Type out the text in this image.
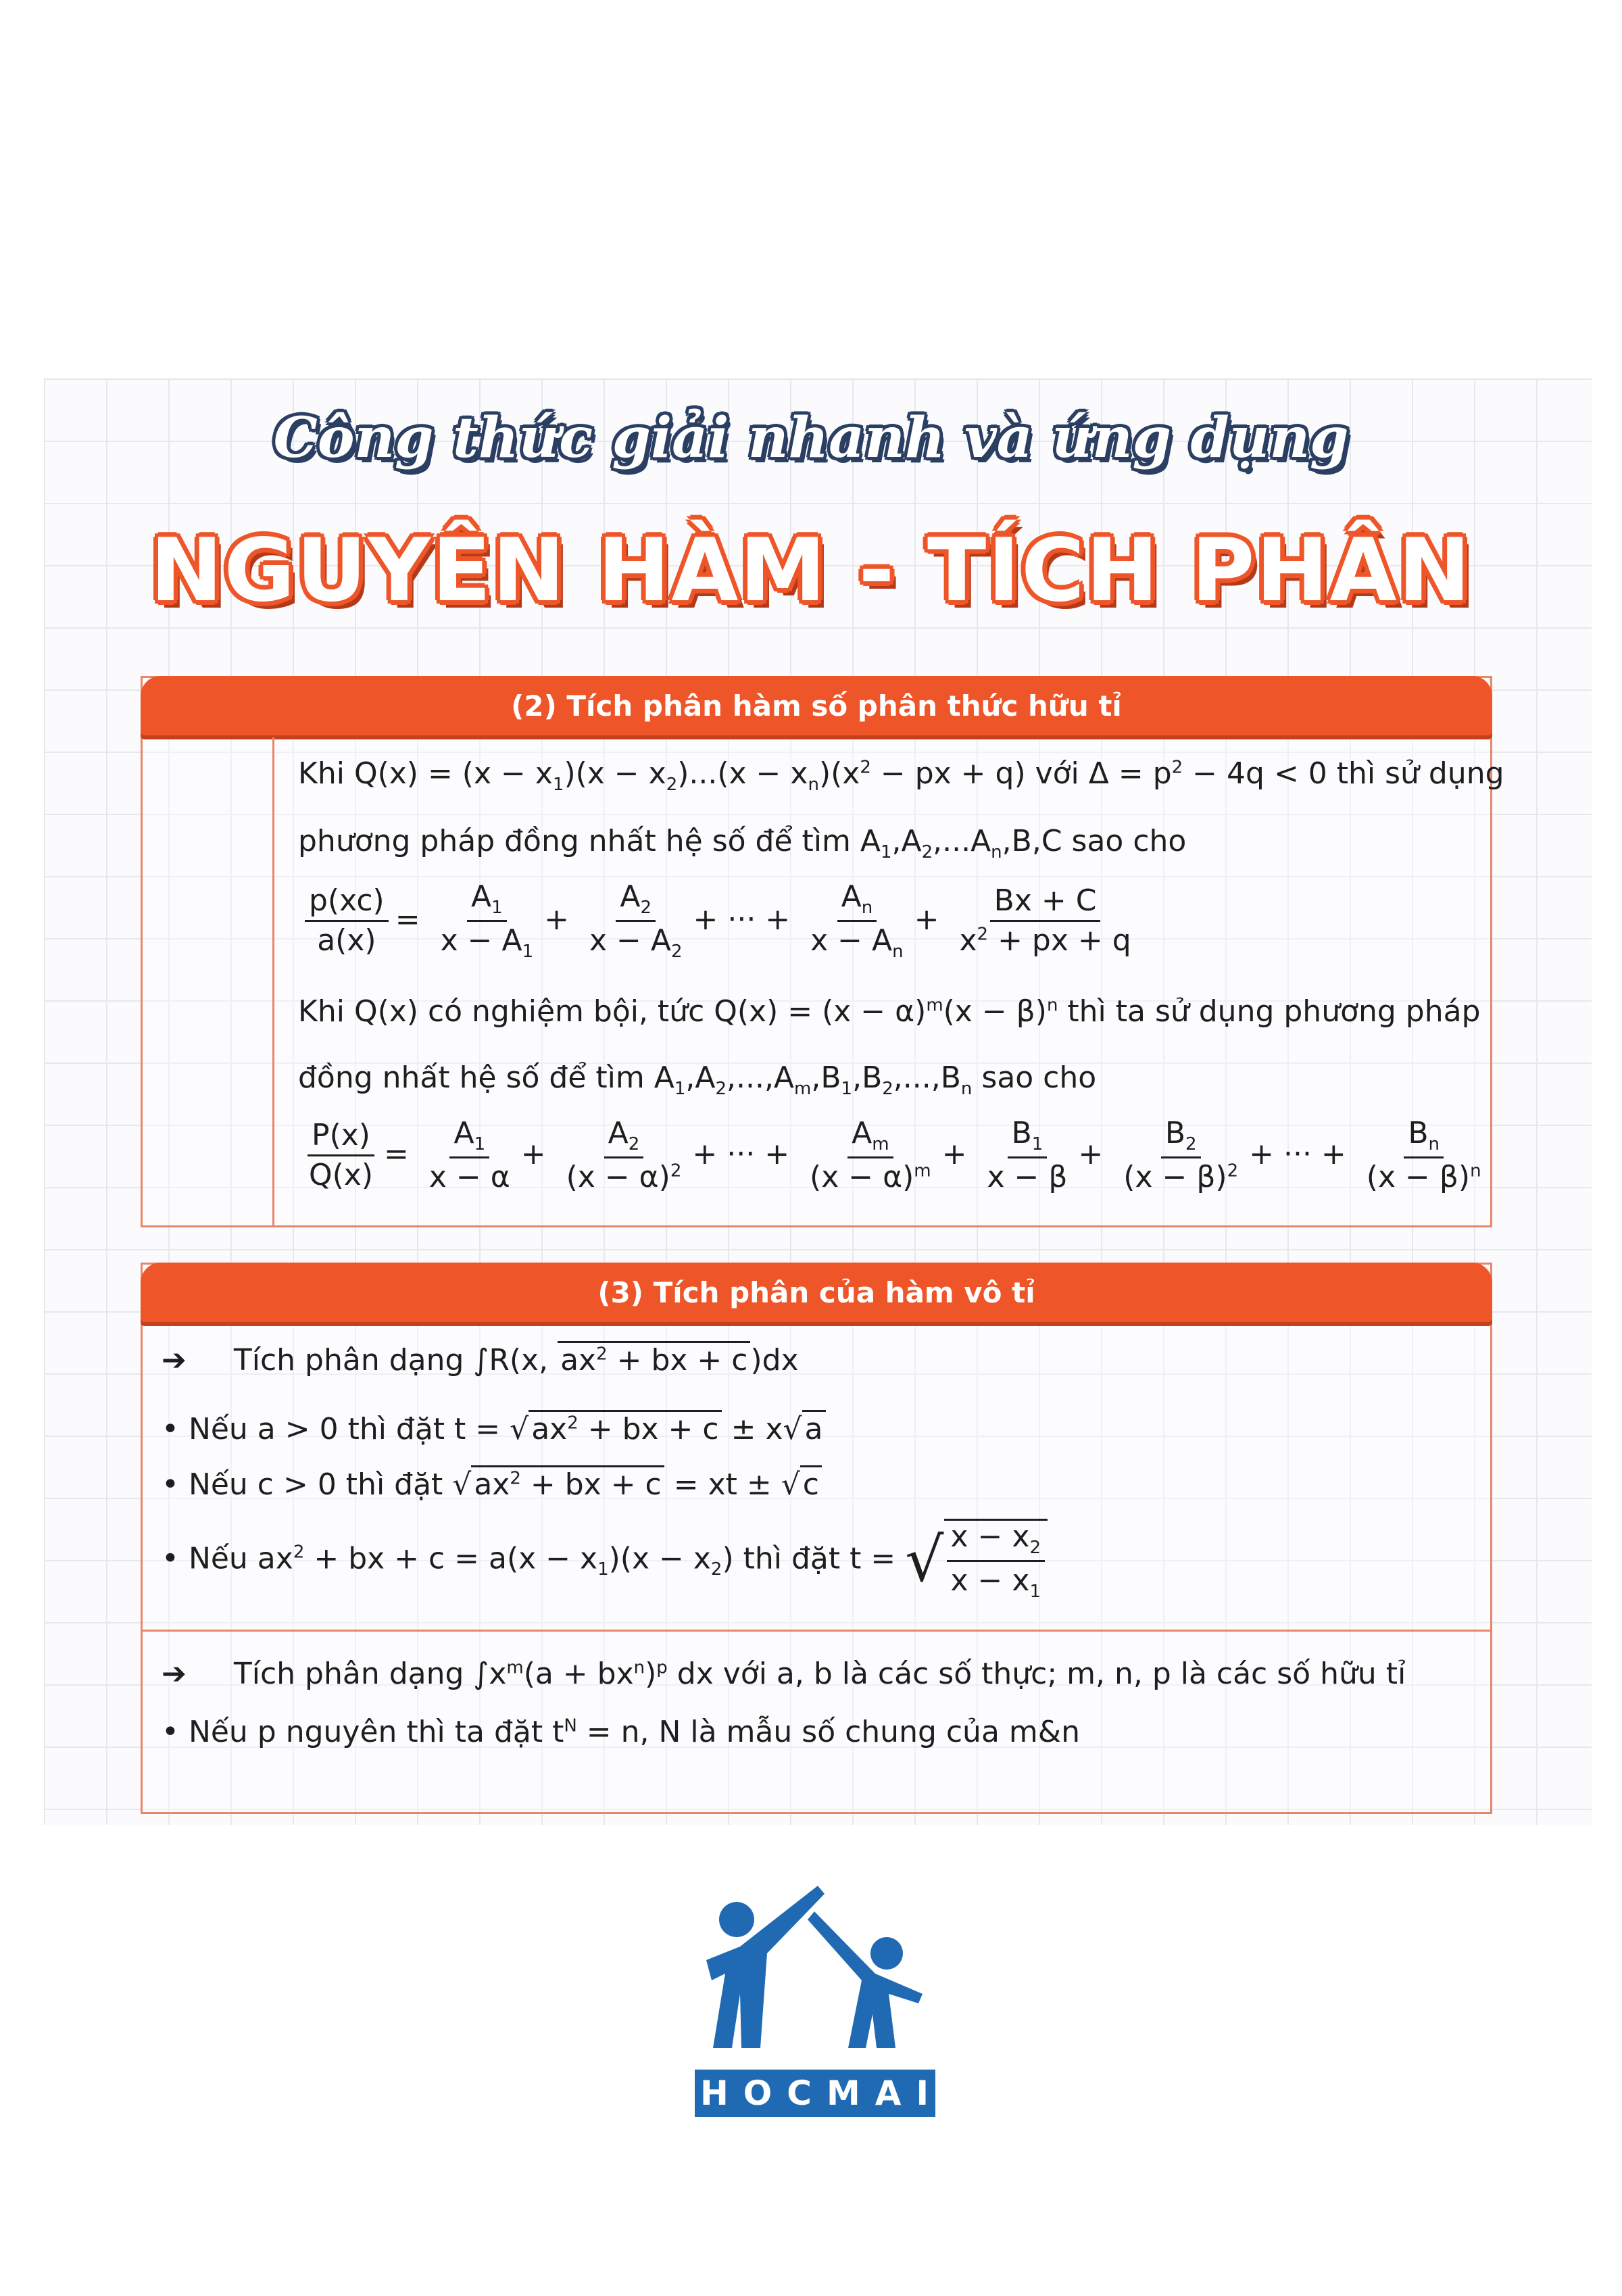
Công thức giải nhanh và ứng dụng
NGUYÊN HÀM - TÍCH PHÂN
(2) Tích phân hàm số phân thức hữu tỉ
Khi $Q(x) = (x - x_1)(x - x_2)...(x - x_n)(x^2$ − px + q) với $\Delta = p^2 - 4q < 0$ thì sử dụng
phương pháp đồng nhất hệ số để tìm $A_1,A_2,...A_n,B,C$ sao cho
$\frac{p(xc)}{a(x)} = \frac{A_1}{x - A_1} + \frac{A_2}{x - A_2}$ + ··· + $\frac{A_n}{x - A_n} + \frac{Bx + C}{x^2 + px + q}$
Khi Q(x) có nghiệm bội, tức $Q(x) = (x - \alpha)^m(x - \beta)^n$ thì ta sử dụng phương pháp
đồng nhất hệ số để tìm $A_1,A_2,...,A_m,B_1,B_2,...,B_n$ sao cho
$\frac{P(x)}{Q(x)} = \frac{A_1}{x - \alpha} + \frac{A_2}{(x - \alpha)^2}$ + ··· + $\frac{A_m}{(x - \alpha)^m} + \frac{B_1}{x - \beta} + \frac{B_2}{(x - \beta)^2}$ + ··· + $\frac{B_n}{(x - \beta)^n}$
(3) Tích phân của hàm vô tỉ
➔ Tích phân dạng ∫R(x, $ax^2$ + bx + c)dx
• Nếu a > 0 thì đặt $t = √ax^2$ + bx + c ± x√a
• Nếu c > 0 thì đặt $√ax^2$ + bx + c = xt ± √c
• Nếu $ax^2$ + bx + $c = a(x - x_1)(x - x_2)$ thì đặt t = √ $\frac{x - x_2}{x - x_1}$
➔ Tích phân dạng $\int x^m(a + bx^n)^p$ dx với a, b là các số thực; m, n, p là các số hữu tỉ
• Nếu p nguyên thì ta đặt $t^N = n$, N là mẫu số chung của m&n
HOCMAI
